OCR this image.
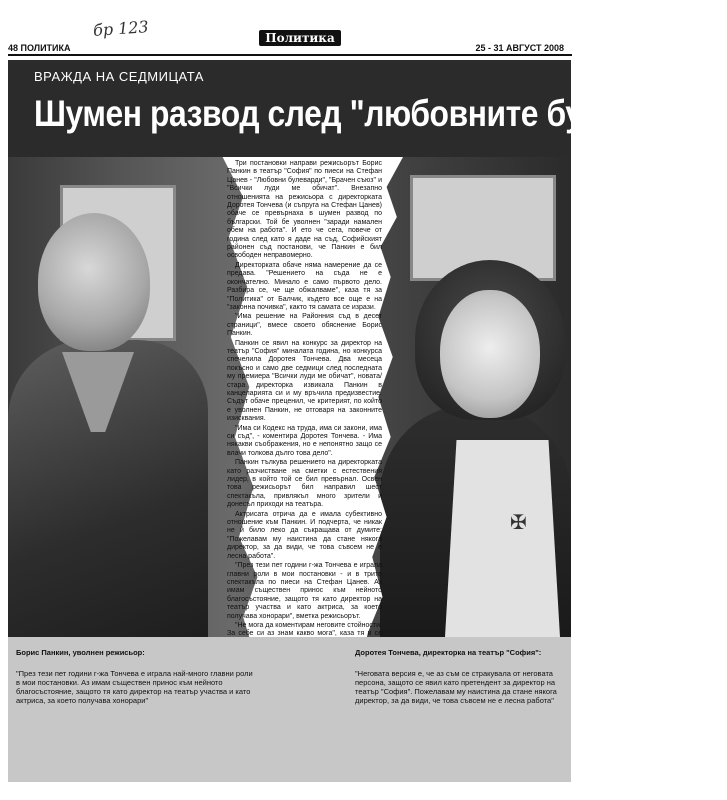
бр 123
48 ПОЛИТИКА
Политика
25 - 31 АВГУСТ 2008
ВРАЖДА НА СЕДМИЦАТА
Шумен развод след "любовните булеварди"
✠

Три постановки направи режисьорът Борис Панкин в театър "София" по пиеси на Стефан Цанев - "Любовни булеварди", "Брачен съюз" и "Всички луди ме обичат". Внезапно отношенията на режисьора с директорката Доротея Тончева (и съпруга на Стефан Цанев) обаче се превърнаха в шумен развод по български. Той бе уволнен "заради намален обем на работа". И ето че сега, повече от година след като я даде на съд, Софийският районен съд постанови, че Панкин е бил освободен неправомерно.

Директорката обаче няма намерение да се предава. "Решението на съда не е окончателно. Минало е само първото дело. Разбира се, че ще обжалваме", каза тя за "Политика" от Балчик, където все още е на "законна почивка", както тя самата се изрази.

"Има решение на Районния съд в десет страници", вмесе своето обяснение Борис Панкин.

Панкин се явил на конкурс за директор на театър "София" миналата година, но конкурса спечелила Доротея Тончева. Два месеца покъсно и само две седмици след последната му премиера "Всички луди ме обичат", новата/стара директорка извикала Панкин в канцеларията си и му връчила предизвестие. Съдът обаче преценил, че критерият, по който е уволнен Панкин, не отговаря на законните изисквания.

"Има си Кодекс на труда, има си закони, има си съд", - коментира Доротея Тончева. - Има някакви съображения, но е непонятно защо се влачи толкова дълго това дело".

Панкин тълкува решението на директорката като разчистване на сметки с естествения лидер, в който той се бил превърнал. Освен това режисьорът бил направил шест спектакъла, привлякъл много зрители и донесъл приходи на театъра.

Актрисата отрича да е имала субективно отношение към Панкин. И подчерта, че никак не й било леко да съкращава от думите: "Пожелавам му наистина да стане някога директор, за да види, че това съвсем не е лесна работа".

"През тези пет години г-жа Тончева е играла главни роли в мои постановки - и в трите спектакъла по пиеси на Стефан Цанев. Аз имам съществен принос към нейното благосъстояние, защото тя като директор на театър участва и като актриса, за което получава хонорари", вметка режисьорът.

"Не мога да коментирам неговите стойности. За себе си аз знам какво мога", каза тя и се

Борис Панкин, уволнен режисьор:
"През тези пет години г-жа Тончева е играла най-много главни роли в мои постановки. Аз имам съществен принос към нейното благосъстояние, защото тя като директор на театър участва и като актриса, за което получава хонорари"
Доротея Тончева, директорка на театър "София":
"Неговата версия е, че аз съм се стракувала от неговата персона, защото се явил като претендент за директор на театър "София". Пожелавам му наистина да стане някога директор, за да види, че това съвсем не е лесна работа"
